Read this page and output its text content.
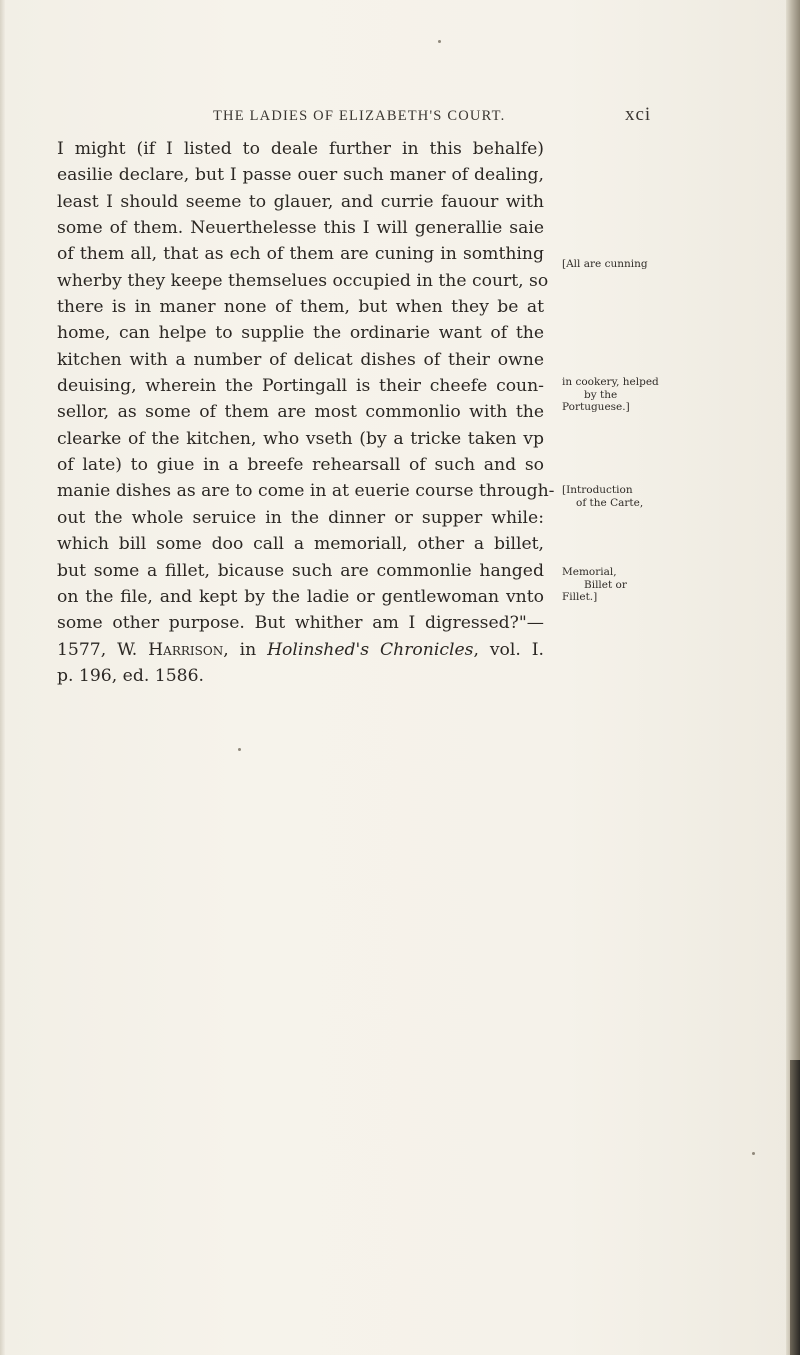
THE LADIES OF ELIZABETH'S COURT.	xci
I might (if I listed to deale further in this behalfe)
easilie declare, but I passe ouer such maner of dealing,
least I should seeme to glauer, and currie fauour with
some of them. Neuerthelesse this I will generallie saie
of them all, that as ech of them are cuning in somthing
wherby they keepe themselues occupied in the court, so
there is in maner none of them, but when they be at
home, can helpe to supplie the ordinarie want of the
kitchen with a number of delicat dishes of their owne
deuising, wherein the Portingall is their cheefe coun-
sellor, as some of them are most commonlio with the
clearke of the kitchen, who vseth (by a tricke taken vp
of late) to giue in a breefe rehearsall of such and so
manie dishes as are to come in at euerie course through-
out the whole seruice in the dinner or supper while:
which bill some doo call a memoriall, other a billet,
but some a fillet, bicause such are commonlie hanged
on the file, and kept by the ladie or gentlewoman vnto
some other purpose. But whither am I digressed?"—
1577, W. Harrison, in Holinshed's Chronicles, vol. I.
p. 196, ed. 1586.
[All are cunning
in cookery, helped
by the
Portuguese.]
[Introduction
of the Carte,
Memorial,
Billet or
Fillet.]
